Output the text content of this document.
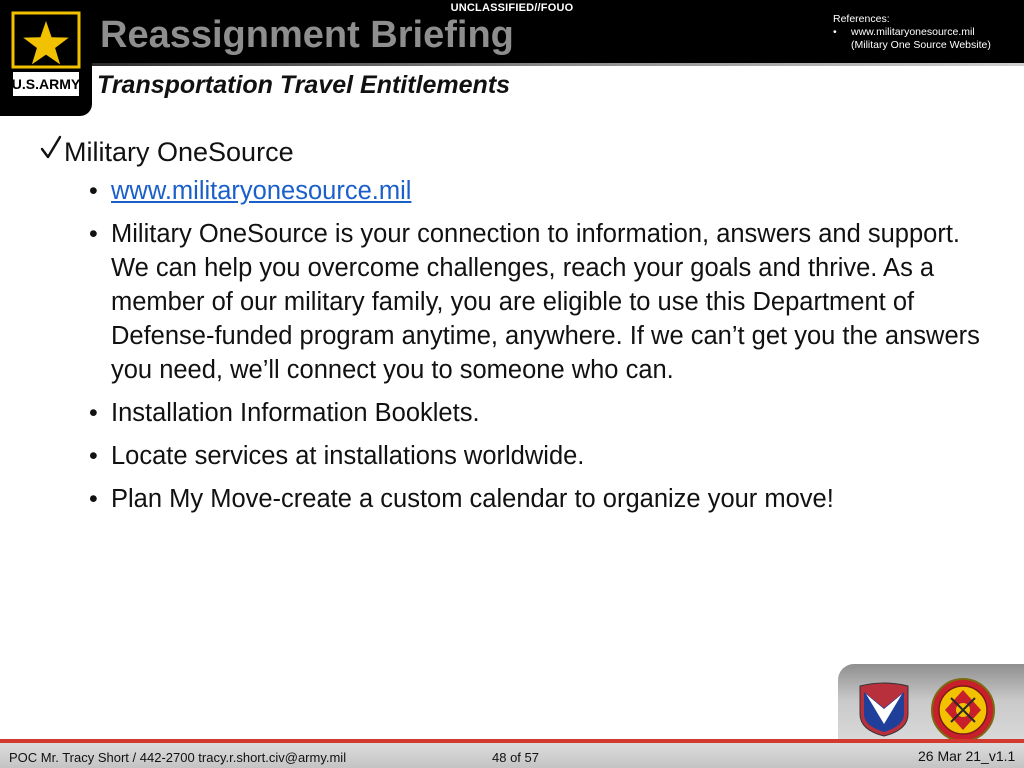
U.S.ARMY
UNCLASSIFIED//FOUO
Reassignment Briefing
Transportation Travel Entitlements
References:
• www.militaryonesource.mil
(Military One Source Website)
Military OneSource
• www.militaryonesource.mil
• Military OneSource is your connection to information, answers and support. We can help you overcome challenges, reach your goals and thrive. As a member of our military family, you are eligible to use this Department of Defense-funded program anytime, anywhere. If we can’t get you the answers you need, we’ll connect you to someone who can.
• Installation Information Booklets.
• Locate services at installations worldwide.
• Plan My Move-create a custom calendar to organize your move!
POC Mr. Tracy Short / 442-2700 tracy.r.short.civ@army.mil	48 of 57	26 Mar 21_v1.1
